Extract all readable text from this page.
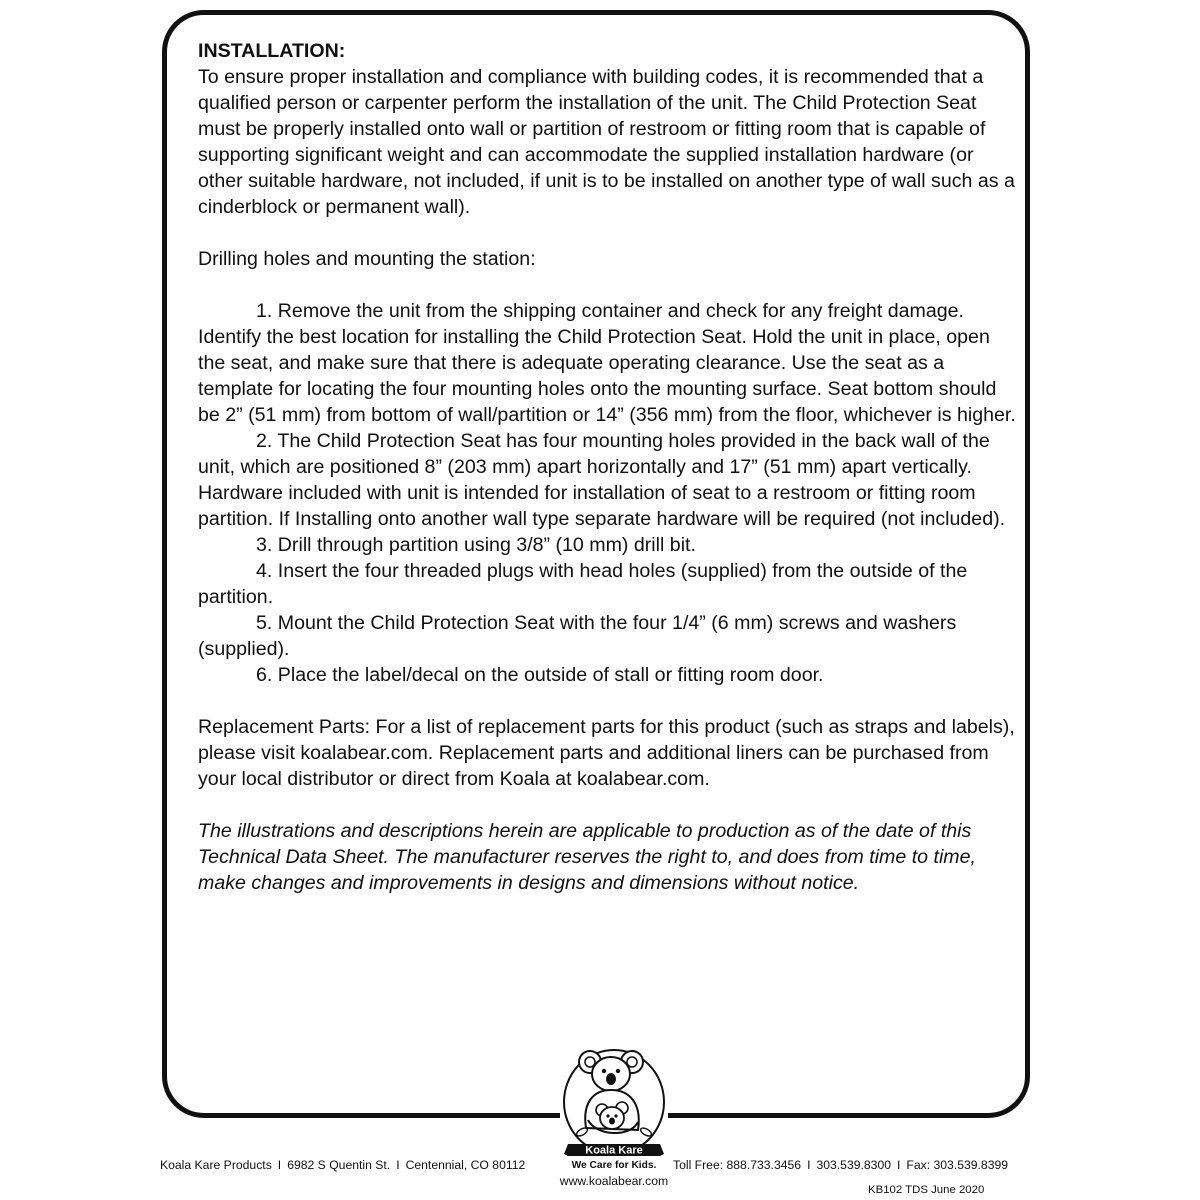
INSTALLATION:

To ensure proper installation and compliance with building codes, it is recommended that a qualified person or carpenter perform the installation of the unit. The Child Protection Seat must be properly installed onto wall or partition of restroom or fitting room that is capable of supporting significant weight and can accommodate the supplied installation hardware (or other suitable hardware, not included, if unit is to be installed on another type of wall such as a cinderblock or permanent wall).

Drilling holes and mounting the station:

1. Remove the unit from the shipping container and check for any freight damage. Identify the best location for installing the Child Protection Seat. Hold the unit in place, open the seat, and make sure that there is adequate operating clearance. Use the seat as a template for locating the four mounting holes onto the mounting surface. Seat bottom should be 2” (51 mm) from bottom of wall/partition or 14” (356 mm) from the floor, whichever is higher.

2. The Child Protection Seat has four mounting holes provided in the back wall of the unit, which are positioned 8” (203 mm) apart horizontally and 17” (51 mm) apart vertically. Hardware included with unit is intended for installation of seat to a restroom or fitting room partition. If Installing onto another wall type separate hardware will be required (not included).

3. Drill through partition using 3/8” (10 mm) drill bit.

4. Insert the four threaded plugs with head holes (supplied) from the outside of the partition.

5. Mount the Child Protection Seat with the four 1/4” (6 mm) screws and washers (supplied).

6. Place the label/decal on the outside of stall or fitting room door.

Replacement Parts: For a list of replacement parts for this product (such as straps and labels), please visit koalabear.com. Replacement parts and additional liners can be purchased from your local distributor or direct from Koala at koalabear.com.

The illustrations and descriptions herein are applicable to production as of the date of this Technical Data Sheet. The manufacturer reserves the right to, and does from time to time, make changes and improvements in designs and dimensions without notice.

Koala Kare
We Care for Kids.
Koala Kare Products I 6982 S Quentin St. I Centennial, CO 80112	Toll Free: 888.733.3456 I 303.539.8300 I Fax: 303.539.8399
www.koalabear.com
KB102 TDS June 2020
